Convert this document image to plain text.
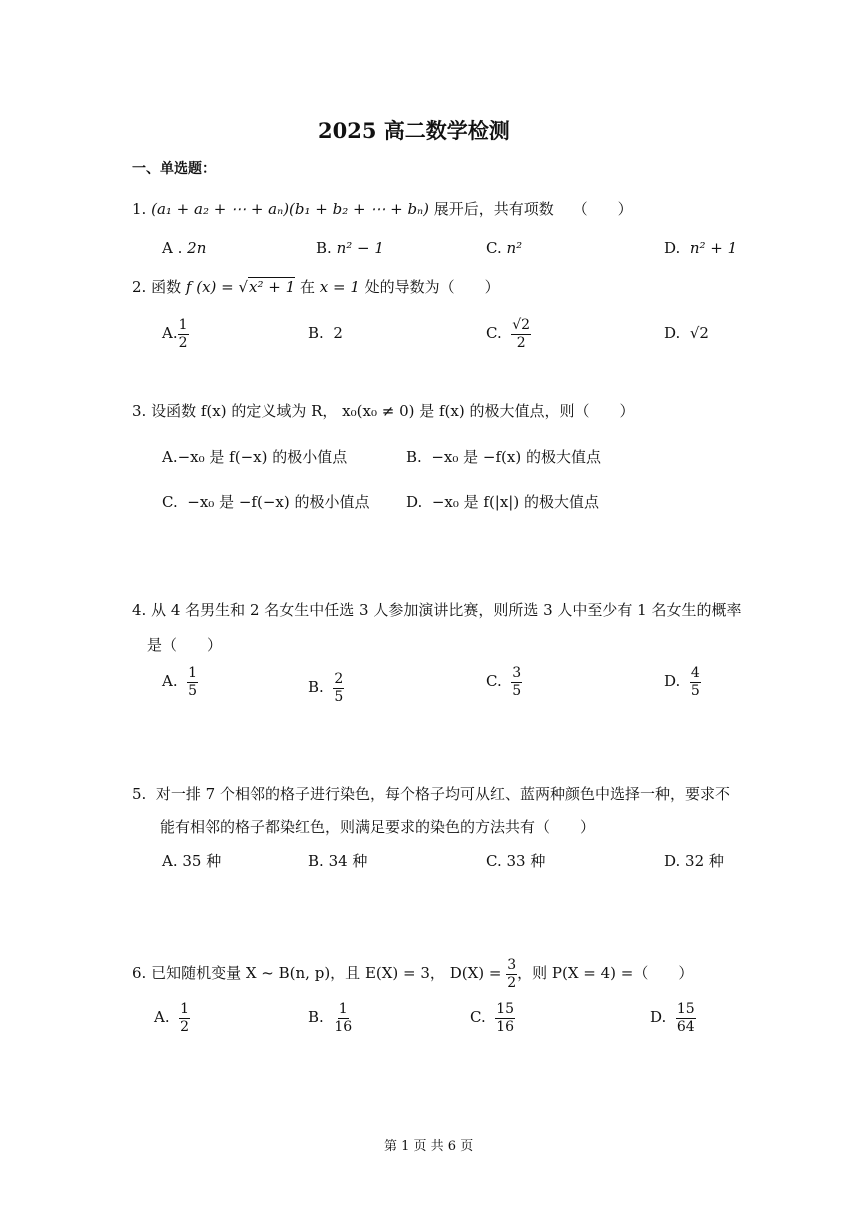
2025 高二数学检测
一、单选题：
1. (a₁ + a₂ + ⋯ + aₙ)(b₁ + b₂ + ⋯ + bₙ) 展开后，共有项数 （　　）
A . 2n	B. n² − 1	C. n²	D. n² + 1
2. 函数 f (x) = √x² + 1 在 x = 1 处的导数为（　　）
A. $\frac{1}{2}$	B. 2	C. $\frac{√2}{2}$	D. √2
3. 设函数 f(x) 的定义域为 R， x₀(x₀ ≠ 0) 是 f(x) 的极大值点，则（　　）
A.−x₀ 是 f(−x) 的极小值点	B. −x₀ 是 −f(x) 的极大值点
C. −x₀ 是 −f(−x) 的极小值点 D. −x₀ 是 f(|x|) 的极大值点
4. 从 4 名男生和 2 名女生中任选 3 人参加演讲比赛，则所选 3 人中至少有 1 名女生的概率
是（　　）
A. $\frac{1}{5}$	B. $\frac{2}{5}$	C. $\frac{3}{5}$	D. $\frac{4}{5}$
5. 对一排 7 个相邻的格子进行染色，每个格子均可从红、蓝两种颜色中选择一种，要求不
能有相邻的格子都染红色，则满足要求的染色的方法共有（　　）
A. 35 种	B. 34 种	C. 33 种	D. 32 种
6. 已知随机变量 X ~ B(n, p)，且 E(X) = 3， $D(X) = \frac{3}{2}$ ，则 P(X = 4) =（　　）
A. $\frac{1}{2}$	B. $\frac{1}{16}$	C. $\frac{15}{16}$	D. $\frac{15}{64}$
第 1 页 共 6 页
